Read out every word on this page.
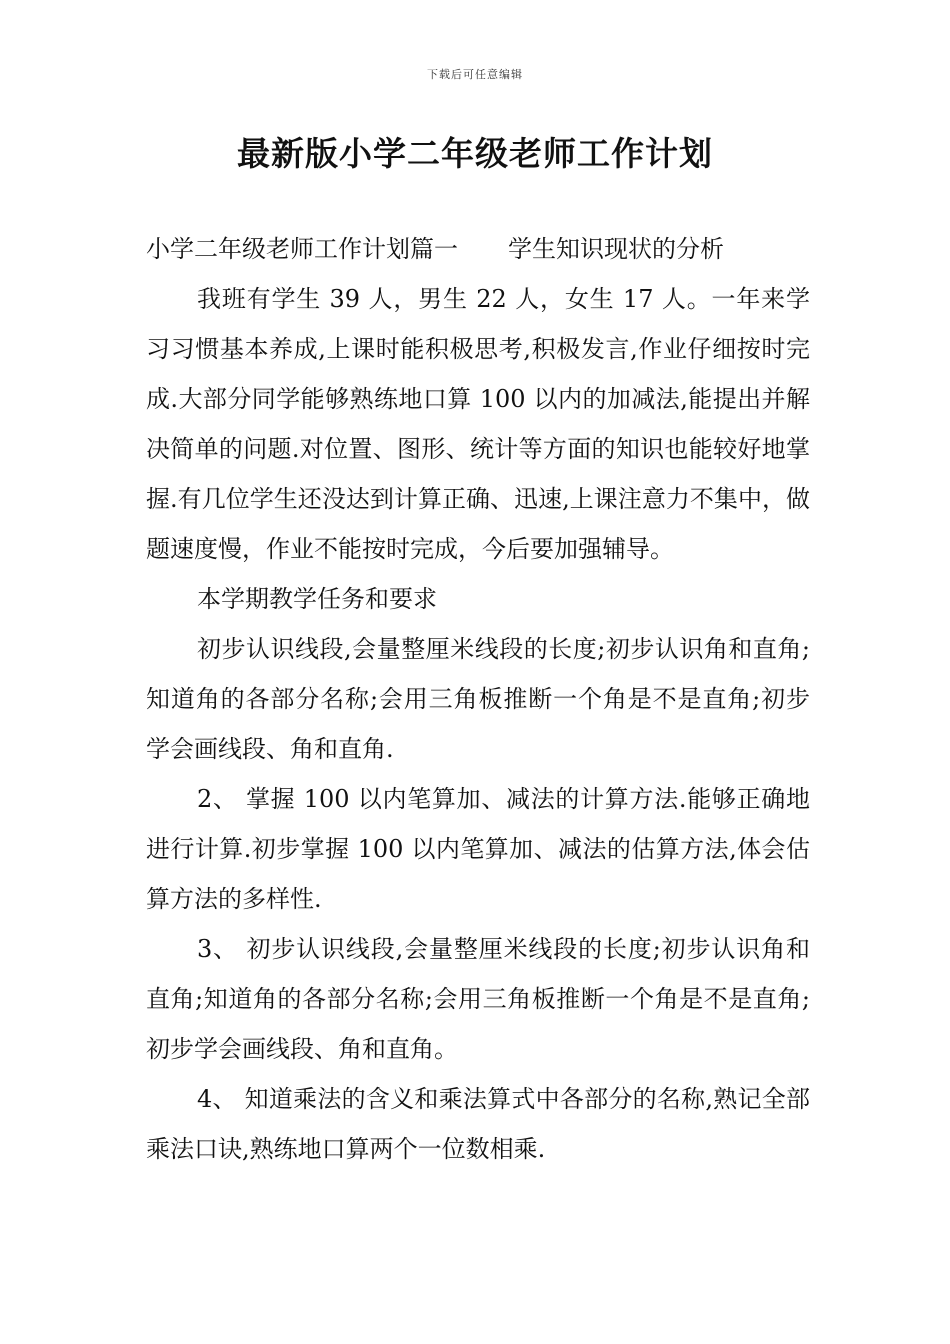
下载后可任意编辑
最新版小学二年级老师工作计划

小学二年级老师工作计划篇一 学生知识现状的分析

我班有学生 39 人，男生 22 人，女生 17 人。一年来学习习惯基本养成,上课时能积极思考,积极发言,作业仔细按时完成.大部分同学能够熟练地口算 100 以内的加减法,能提出并解决简单的问题.对位置、图形、统计等方面的知识也能较好地掌握.有几位学生还没达到计算正确、迅速,上课注意力不集中，做题速度慢，作业不能按时完成，今后要加强辅导。

本学期教学任务和要求

初步认识线段,会量整厘米线段的长度;初步认识角和直角;知道角的各部分名称;会用三角板推断一个角是不是直角;初步学会画线段、角和直角.

2、 掌握 100 以内笔算加、减法的计算方法.能够正确地进行计算.初步掌握 100 以内笔算加、减法的估算方法,体会估算方法的多样性.

3、 初步认识线段,会量整厘米线段的长度;初步认识角和直角;知道角的各部分名称;会用三角板推断一个角是不是直角;初步学会画线段、角和直角。

4、 知道乘法的含义和乘法算式中各部分的名称,熟记全部乘法口诀,熟练地口算两个一位数相乘.
